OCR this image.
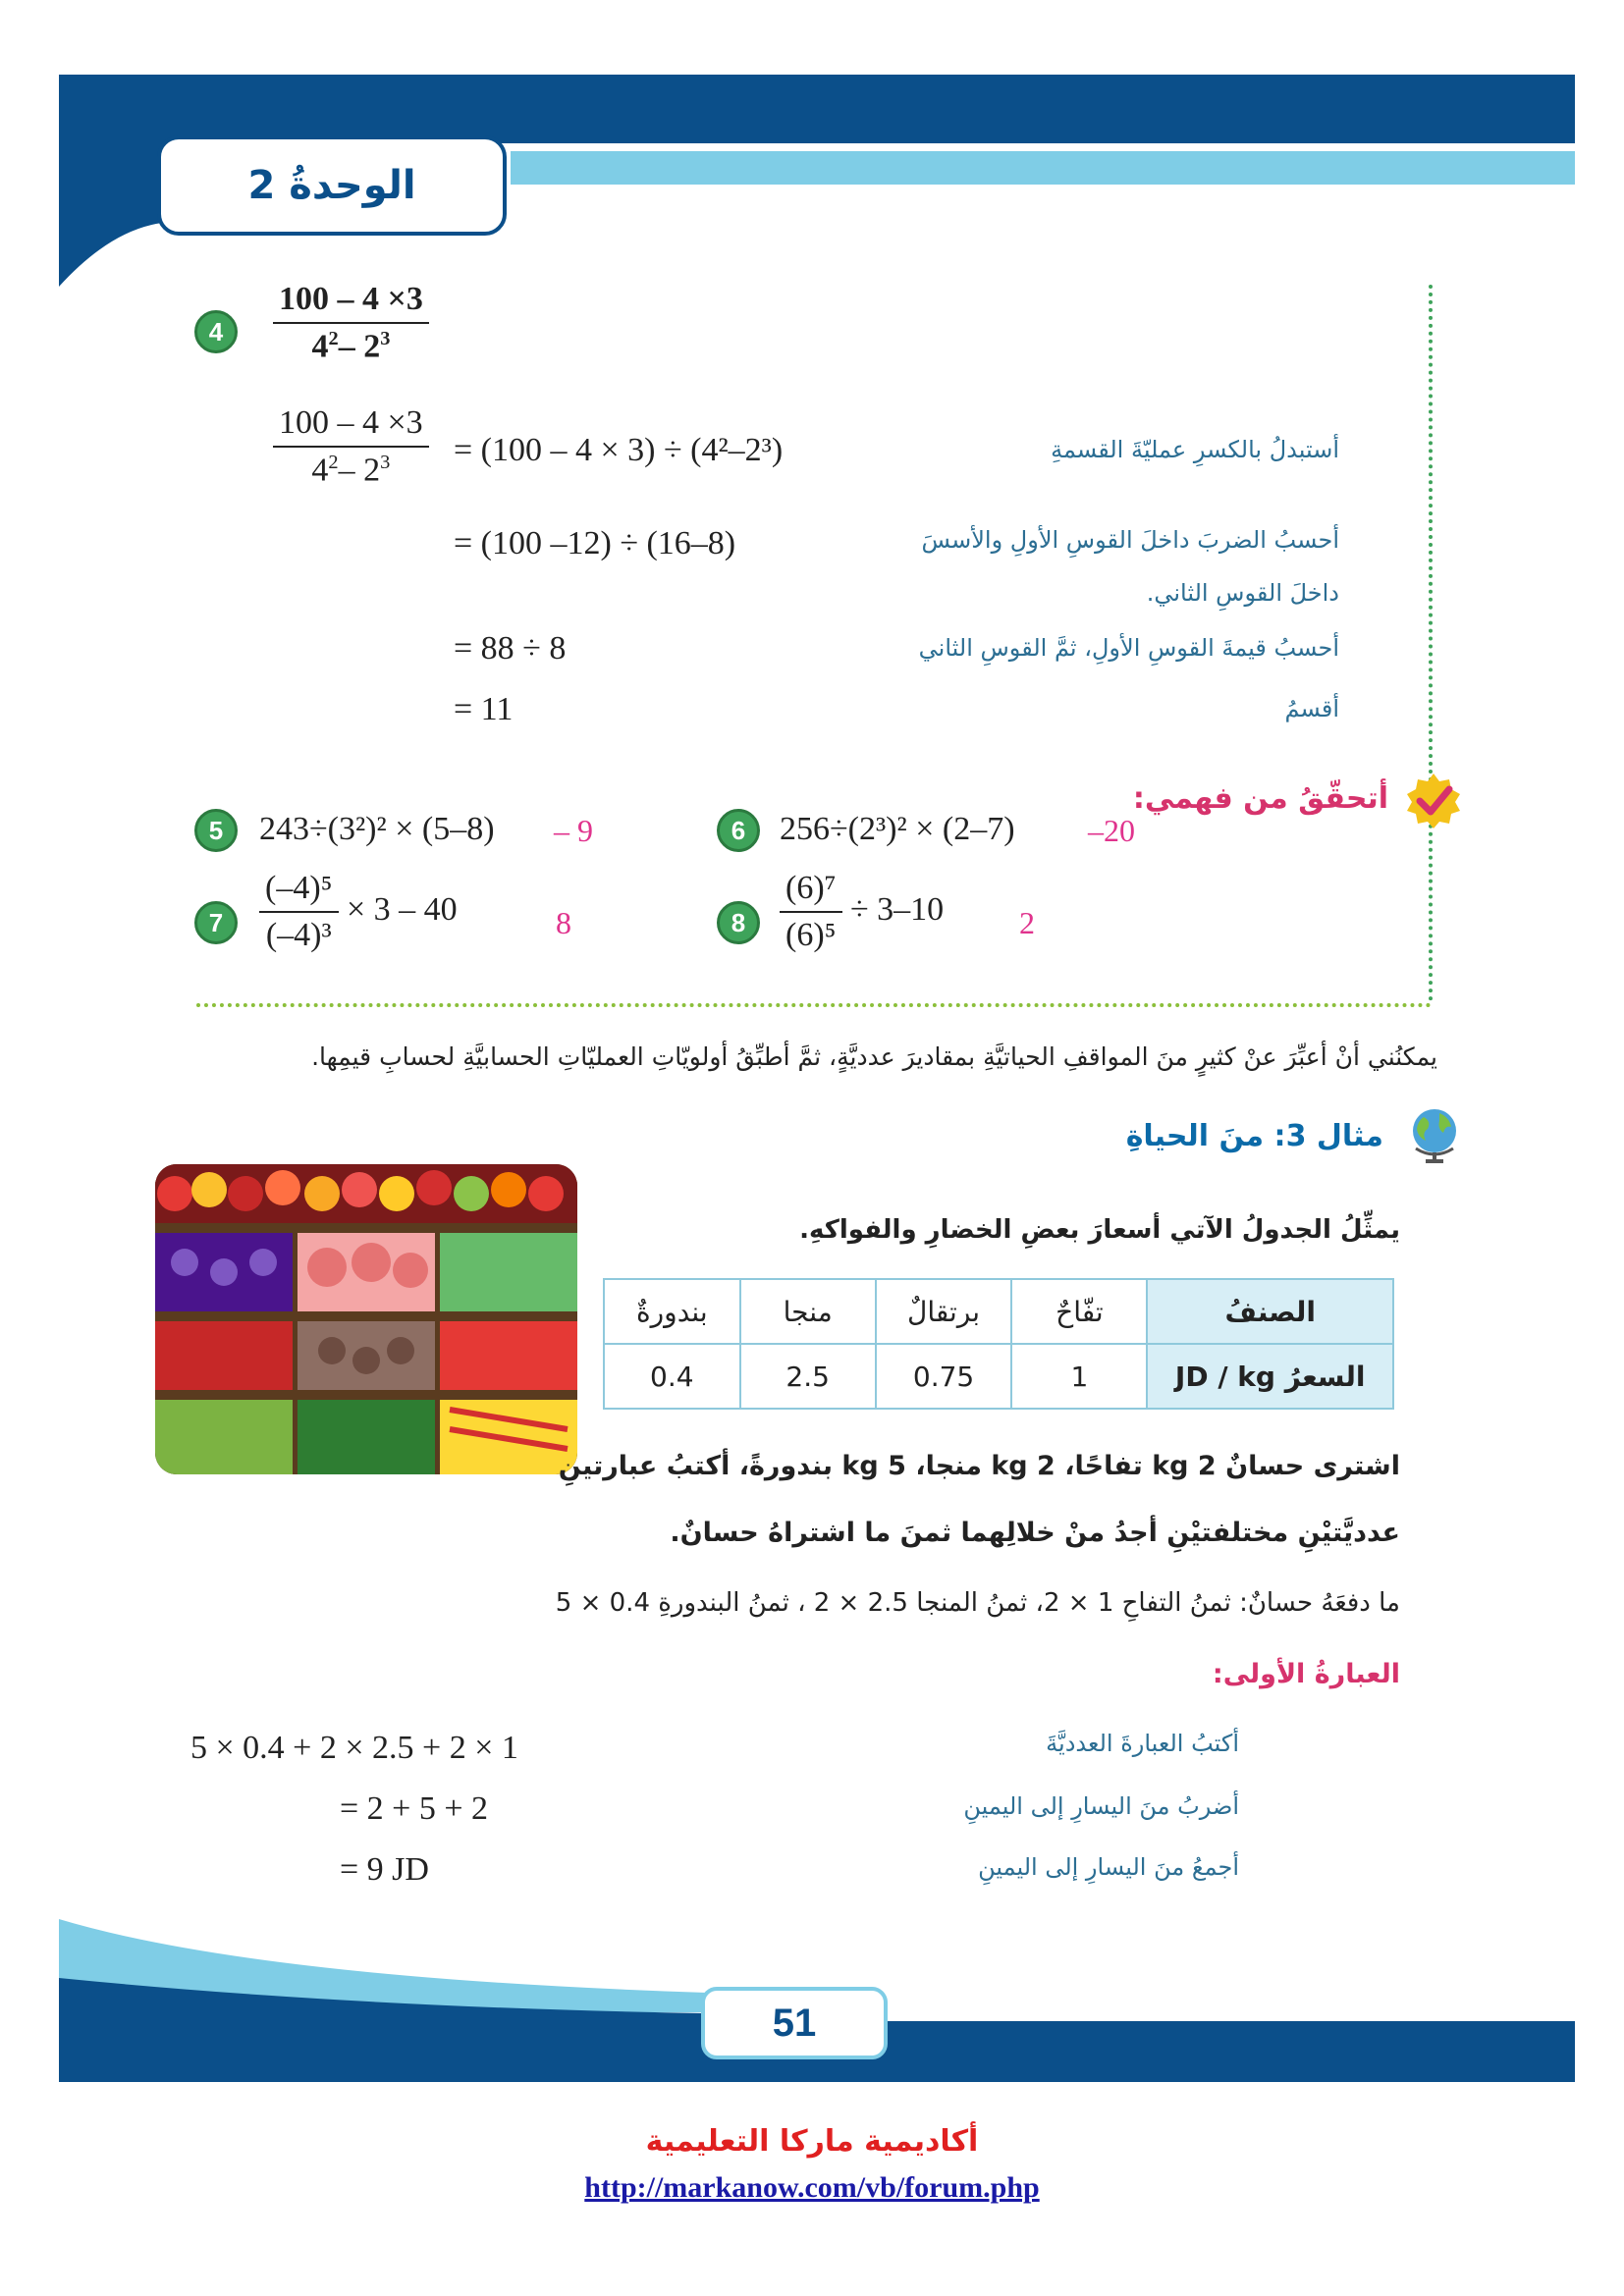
الوحدةُ 2
4	$\frac{100 - 4 \times 3}{4^2- 2^3}$
$\frac{100 - 4 \times 3}{4^2- 2^3} = (100 - 4 \times 3) \div (4^2-2^3)$	أستبدلُ بالكسرِ عمليّةَ القسمةِ
= (100 –12) ÷ (16–8)	أحسبُ الضربَ داخلَ القوسِ الأولِ والأسسَ
داخلَ القوسِ الثاني.
= 88 ÷ 8	أحسبُ قيمةَ القوسِ الأولِ، ثمَّ القوسِ الثاني
= 11	أقسمُ
أتحقّقُ من فهمي:
5	243÷(3²)² × (5–8) – 9	6	256÷(2³)² × (2–7) –20
7	$\frac{\text{(–4)⁵}}{\text{(–4)³}} \times 3 - 40$	8	8	$\frac{\text{(6)⁷}}{\text{(6)⁵}} \div 3-10$ 2
يمكنُني أنْ أعبِّرَ عنْ كثيرٍ منَ المواقفِ الحياتيَّةِ بمقاديرَ عدديَّةٍ، ثمَّ أطبِّقُ أولويّاتِ العمليّاتِ الحسابيَّةِ لحسابِ قيمِها.
مثال 3: منَ الحياةِ
يمثِّلُ الجدولُ الآتي أسعارَ بعضِ الخضارِ والفواكهِ.
الصنفُ	تفّاحٌ	برتقالٌ	منجا	بندورةٌ
السعرُ JD / kg	1	0.75	2.5	0.4
اشترى حسانٌ 2 kg تفاحًا، 2 kg منجا، 5 kg بندورةً، أكتبُ عبارتينِ
عدديَّتيْنِ مختلفتيْنِ أجدُ منْ خلالِهما ثمنَ ما اشتراهُ حسانٌ.
ما دفعَهُ حسانٌ: ثمنُ التفاحِ 1 × 2، ثمنُ المنجا 2.5 × 2 ، ثمنُ البندورةِ 0.4 × 5
العبارةُ الأولى:
5 × 0.4 + 2 × 2.5 + 2 × 1	أكتبُ العبارةَ العدديَّةَ
= 2 + 5 + 2	أضربُ منَ اليسارِ إلى اليمينِ
= 9 JD	أجمعُ منَ اليسارِ إلى اليمينِ
51
أكاديمية ماركا التعليمية
http://markanow.com/vb/forum.php
